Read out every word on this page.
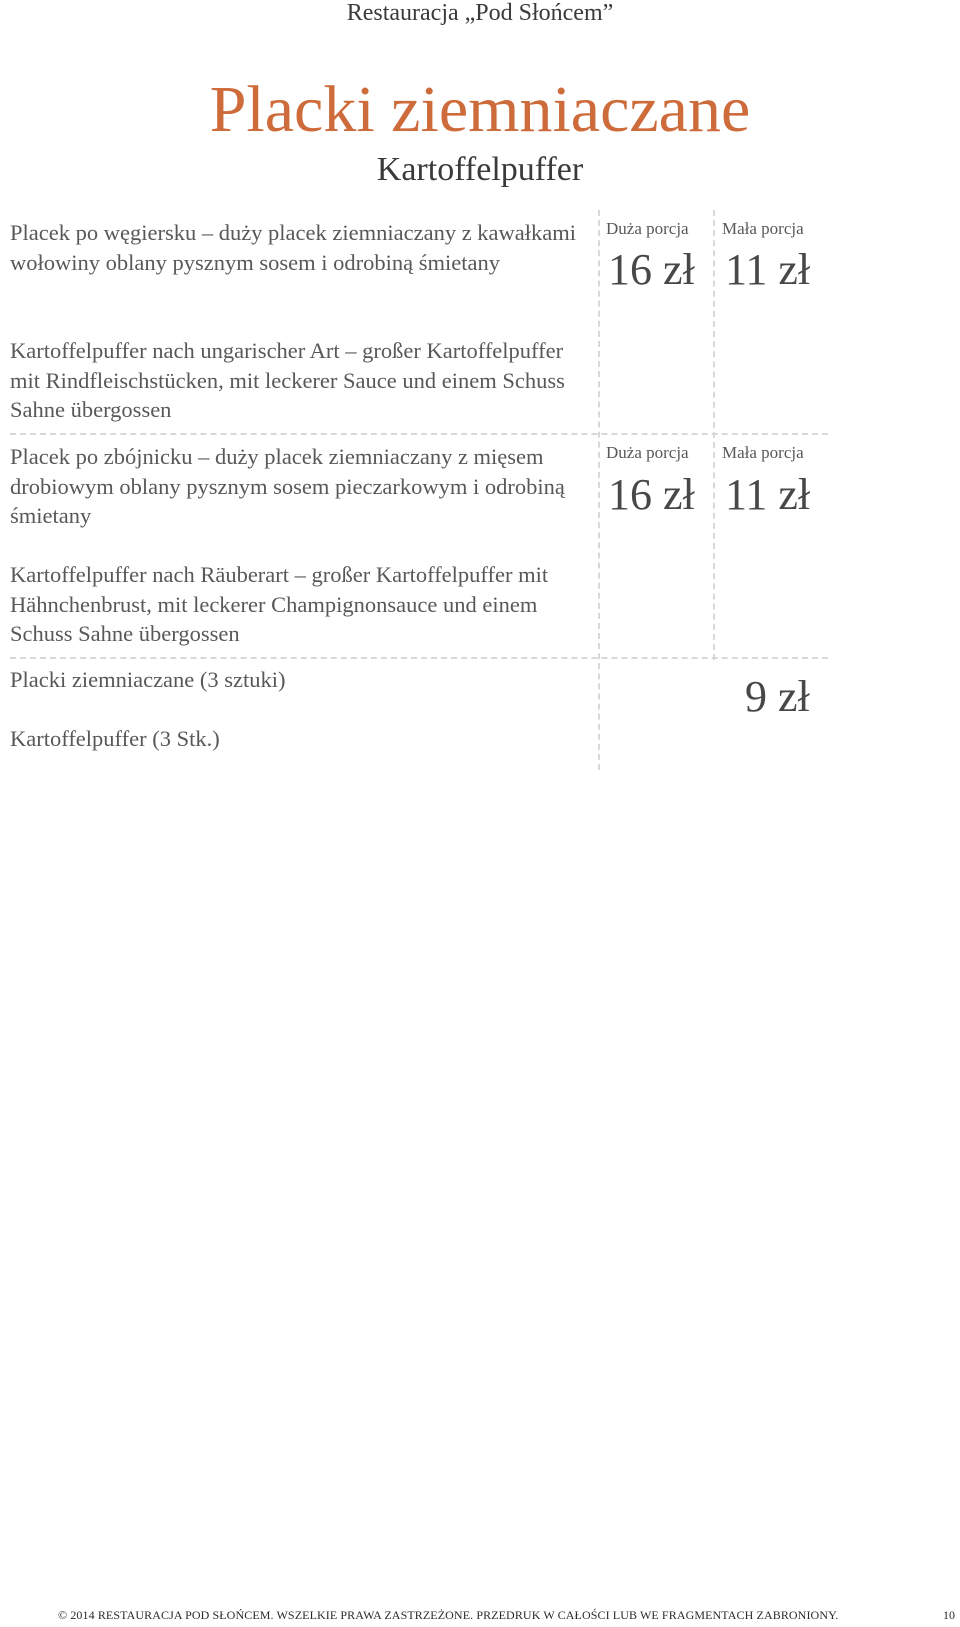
Restauracja „Pod Słońcem”
Placki ziemniaczane
Kartoffelpuffer

Placek po węgiersku – duży placek ziemniaczany z kawałkami wołowiny oblany pysznym sosem i odrobiną śmietany

Kartoffelpuffer nach ungarischer Art – großer Kartoffelpuffer mit Rindfleischstücken, mit leckerer Sauce und einem Schuss Sahne übergossen

Duża porcja Mała porcja
16 zł 11 zł

Placek po zbójnicku – duży placek ziemniaczany z mięsem drobiowym oblany pysznym sosem pieczarkowym i odrobiną śmietany

Kartoffelpuffer nach Räuberart – großer Kartoffelpuffer mit Hähnchenbrust, mit leckerer Champignonsauce und einem Schuss Sahne übergossen

Duża porcja Mała porcja
16 zł 11 zł

Placki ziemniaczane (3 sztuki)

Kartoffelpuffer (3 Stk.)

9 zł
© 2014 RESTAURACJA POD SŁOŃCEM. WSZELKIE PRAWA ZASTRZEŻONE. PRZEDRUK W CAŁOŚCI LUB WE FRAGMENTACH ZABRONIONY.	10
